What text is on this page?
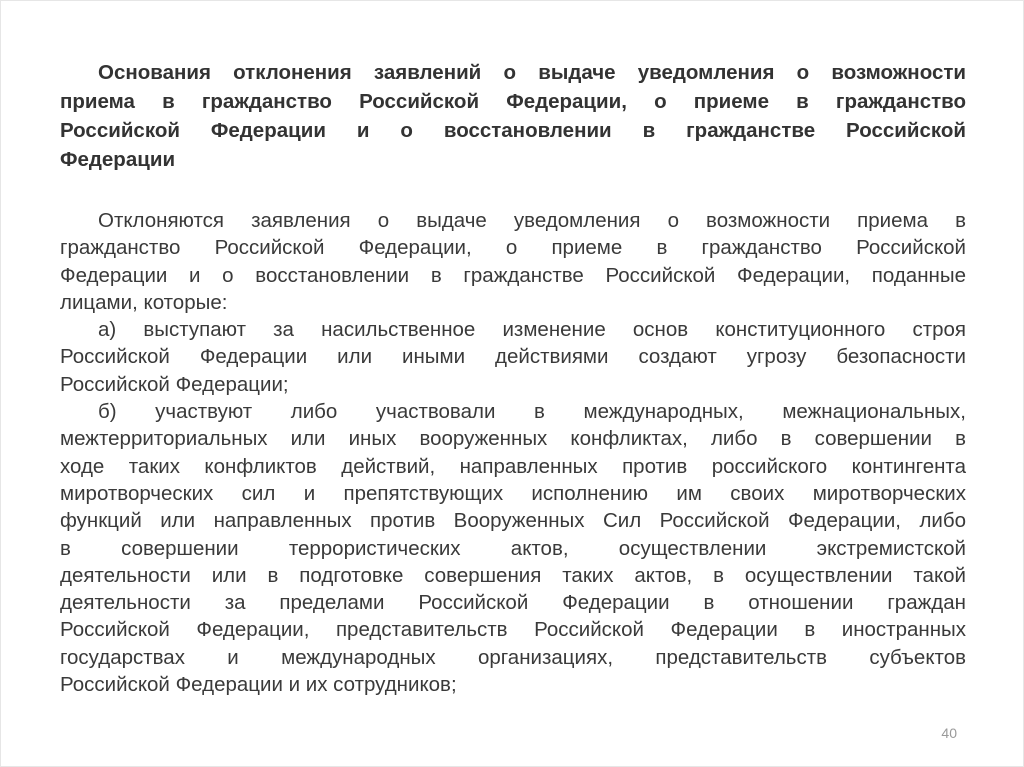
Основания отклонения заявлений о выдаче уведомления о возможности
приема в гражданство Российской Федерации, о приеме в гражданство
Российской Федерации и о восстановлении в гражданстве Российской
Федерации
Отклоняются заявления о выдаче уведомления о возможности приема в
гражданство Российской Федерации, о приеме в гражданство Российской
Федерации и о восстановлении в гражданстве Российской Федерации, поданные
лицами, которые:
а) выступают за насильственное изменение основ конституционного строя
Российской Федерации или иными действиями создают угрозу безопасности
Российской Федерации;
б) участвуют либо участвовали в международных, межнациональных,
межтерриториальных или иных вооруженных конфликтах, либо в совершении в
ходе таких конфликтов действий, направленных против российского контингента
миротворческих сил и препятствующих исполнению им своих миротворческих
функций или направленных против Вооруженных Сил Российской Федерации, либо
в совершении террористических актов, осуществлении экстремистской
деятельности или в подготовке совершения таких актов, в осуществлении такой
деятельности за пределами Российской Федерации в отношении граждан
Российской Федерации, представительств Российской Федерации в иностранных
государствах и международных организациях, представительств субъектов
Российской Федерации и их сотрудников;
40
